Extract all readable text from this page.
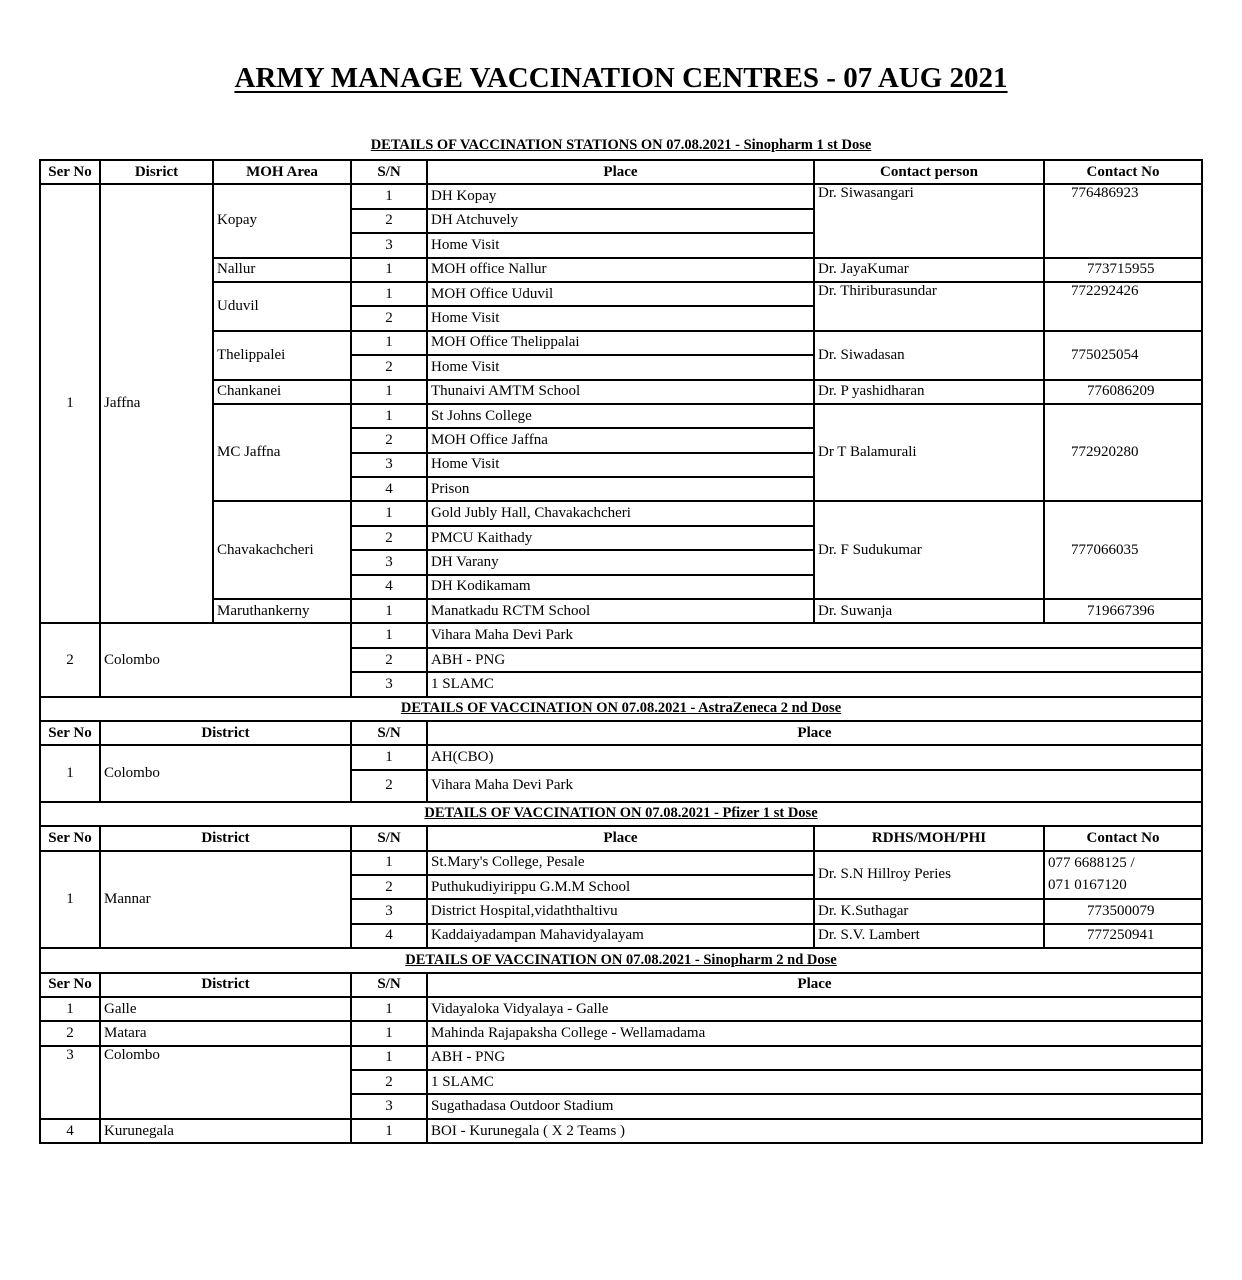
ARMY MANAGE VACCINATION CENTRES - 07 AUG 2021
DETAILS OF VACCINATION STATIONS ON 07.08.2021 - Sinopharm 1 st Dose
Ser No	Disrict	MOH Area	S/N	Place	Contact person	Contact No
1	Jaffna	Kopay	1	DH Kopay	Dr. Siwasangari	776486923
			2	DH Atchuvely		
			3	Home Visit		
		Nallur	1	MOH office Nallur	Dr. JayaKumar	773715955
		Uduvil	1	MOH Office Uduvil	Dr. Thiriburasundar	772292426
			2	Home Visit		
		Thelippalei	1	MOH Office Thelippalai	Dr. Siwadasan	775025054
			2	Home Visit		
		Chankanei	1	Thunaivi AMTM School	Dr. P yashidharan	776086209
		MC Jaffna	1	St Johns College	Dr T Balamurali	772920280
			2	MOH Office Jaffna		
			3	Home Visit		
			4	Prison		
		Chavakachcheri	1	Gold Jubly Hall, Chavakachcheri	Dr. F Sudukumar	777066035
			2	PMCU Kaithady		
			3	DH Varany		
			4	DH Kodikamam		
		Maruthankerny	1	Manatkadu RCTM School	Dr. Suwanja	719667396
2	Colombo		1	Vihara Maha Devi Park		
			2	ABH - PNG		
			3	1 SLAMC		
DETAILS OF VACCINATION ON 07.08.2021 - AstraZeneca 2 nd Dose						
Ser No	District		S/N	Place		
1	Colombo		1	AH(CBO)		
			2	Vihara Maha Devi Park		
DETAILS OF VACCINATION ON 07.08.2021 - Pfizer 1 st Dose						
Ser No	District		S/N	Place	RDHS/MOH/PHI	Contact No
1	Mannar		1	St.Mary's College, Pesale	Dr. S.N Hillroy Peries	077 6688125 /
071 0167120

			2	Puthukudiyirippu G.M.M School		
			3	District Hospital,vidaththaltivu	Dr. K.Suthagar	773500079
			4	Kaddaiyadampan Mahavidyalayam	Dr. S.V. Lambert	777250941
DETAILS OF VACCINATION ON 07.08.2021 - Sinopharm 2 nd Dose						
Ser No	District		S/N	Place		
1	Galle		1	Vidayaloka Vidyalaya - Galle		
2	Matara		1	Mahinda Rajapaksha College - Wellamadama		
3	Colombo		1	ABH - PNG		
			2	1 SLAMC		
			3	Sugathadasa Outdoor Stadium		
4	Kurunegala		1	BOI - Kurunegala ( X 2 Teams )		
